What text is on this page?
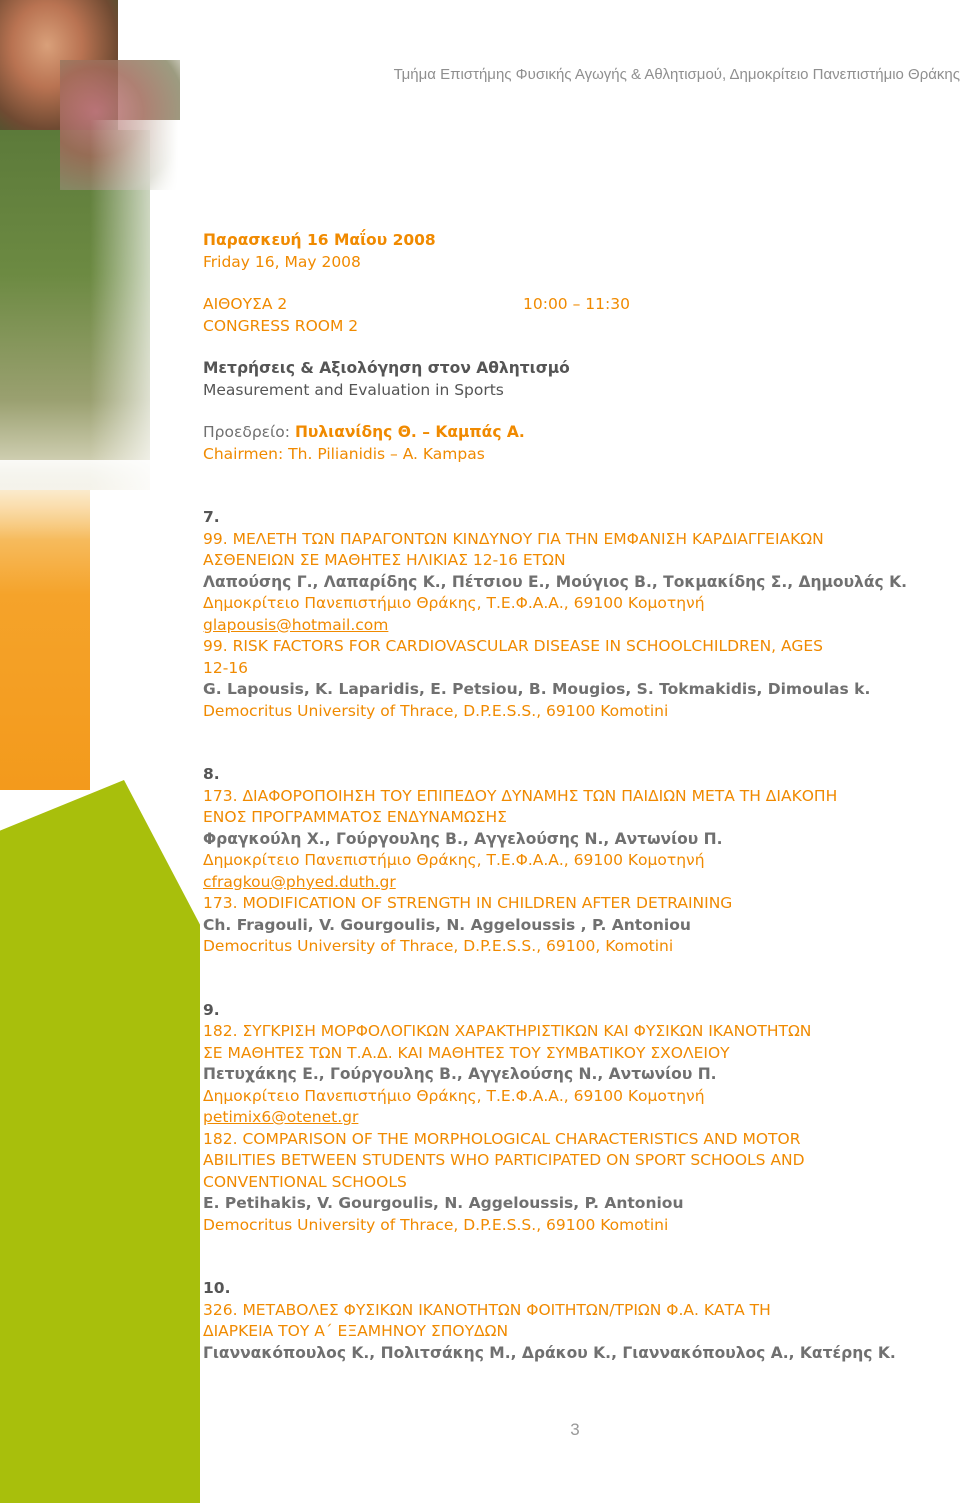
Τμήμα Επιστήμης Φυσικής Αγωγής & Αθλητισμού, Δημοκρίτειο Πανεπιστήμιο Θράκης

Παρασκευή 16 Μαΐου 2008

Friday 16, May 2008

ΑΙΘΟΥΣΑ 2	10:00 – 11:30

CONGRESS ROOM 2

Μετρήσεις & Αξιολόγηση στον Αθλητισμό

Measurement and Evaluation in Sports

Προεδρείο: Πυλιανίδης Θ. – Καμπάς Α.

Chairmen: Th. Pilianidis – A. Kampas

7.

99. ΜΕΛΕΤΗ ΤΩΝ ΠΑΡΑΓΟΝΤΩΝ ΚΙΝΔΥΝΟΥ ΓΙΑ ΤΗΝ ΕΜΦΑΝΙΣΗ ΚΑΡΔΙΑΓΓΕΙΑΚΩΝ

ΑΣΘΕΝΕΙΩΝ ΣΕ ΜΑΘΗΤΕΣ ΗΛΙΚΙΑΣ 12-16 ΕΤΩΝ

Λαπούσης Γ., Λαπαρίδης Κ., Πέτσιου Ε., Μούγιος Β., Τοκμακίδης Σ., Δημουλάς Κ.

Δημοκρίτειο Πανεπιστήμιο Θράκης, Τ.Ε.Φ.Α.Α., 69100 Κομοτηνή

glapousis@hotmail.com

99. RISK FACTORS FOR CARDIOVASCULAR DISEASE IN SCHOOLCHILDREN, AGES

12-16

G. Lapousis, K. Laparidis, E. Petsiou, B. Mougios, S. Tokmakidis, Dimoulas k.

Democritus University of Thrace, D.P.E.S.S., 69100 Komotini

8.

173. ΔΙΑΦΟΡΟΠΟΙΗΣΗ ΤΟΥ ΕΠΙΠΕΔΟΥ ΔΥΝΑΜΗΣ ΤΩΝ ΠΑΙΔΙΩΝ ΜΕΤΑ ΤΗ ΔΙΑΚΟΠΗ

ΕΝΟΣ ΠΡΟΓΡΑΜΜΑΤΟΣ ΕΝΔΥΝΑΜΩΣΗΣ

Φραγκούλη Χ., Γούργουλης Β., Αγγελούσης Ν., Αντωνίου Π.

Δημοκρίτειο Πανεπιστήμιο Θράκης, Τ.Ε.Φ.Α.Α., 69100 Κομοτηνή

cfragkou@phyed.duth.gr

173. MODIFICATION OF STRENGTH IN CHILDREN AFTER DETRAINING

Ch. Fragouli, V. Gourgoulis, N. Aggeloussis , P. Antoniou

Democritus University of Thrace, D.P.E.S.S., 69100, Komotini

9.

182. ΣΥΓΚΡΙΣΗ ΜΟΡΦΟΛΟΓΙΚΩΝ ΧΑΡΑΚΤΗΡΙΣΤΙΚΩΝ ΚΑΙ ΦΥΣΙΚΩΝ ΙΚΑΝΟΤΗΤΩΝ

ΣΕ ΜΑΘΗΤΕΣ ΤΩΝ Τ.Α.Δ. ΚΑΙ ΜΑΘΗΤΕΣ ΤΟΥ ΣΥΜΒΑΤΙΚΟΥ ΣΧΟΛΕΙΟΥ

Πετυχάκης Ε., Γούργουλης Β., Αγγελούσης Ν., Αντωνίου Π.

Δημοκρίτειο Πανεπιστήμιο Θράκης, Τ.Ε.Φ.Α.Α., 69100 Κομοτηνή

petimix6@otenet.gr

182. COMPARISON OF THE MORPHOLOGICAL CHARACTERISTICS AND MOTOR

ABILITIES BETWEEN STUDENTS WHO PARTICIPATED ON SPORT SCHOOLS AND

CONVENTIONAL SCHOOLS

E. Petihakis, V. Gourgoulis, N. Aggeloussis, P. Antoniou

Democritus University of Thrace, D.P.E.S.S., 69100 Komotini

10.

326. ΜΕΤΑΒΟΛΕΣ ΦΥΣΙΚΩΝ ΙΚΑΝΟΤΗΤΩΝ ΦΟΙΤΗΤΩΝ/ΤΡΙΩΝ Φ.Α. ΚΑΤΑ ΤΗ

ΔΙΑΡΚΕΙΑ ΤΟΥ Α΄ ΕΞΑΜΗΝΟΥ ΣΠΟΥΔΩΝ

Γιαννακόπουλος Κ., Πολιτσάκης Μ., Δράκου Κ., Γιαννακόπουλος Α., Κατέρης Κ.

3
